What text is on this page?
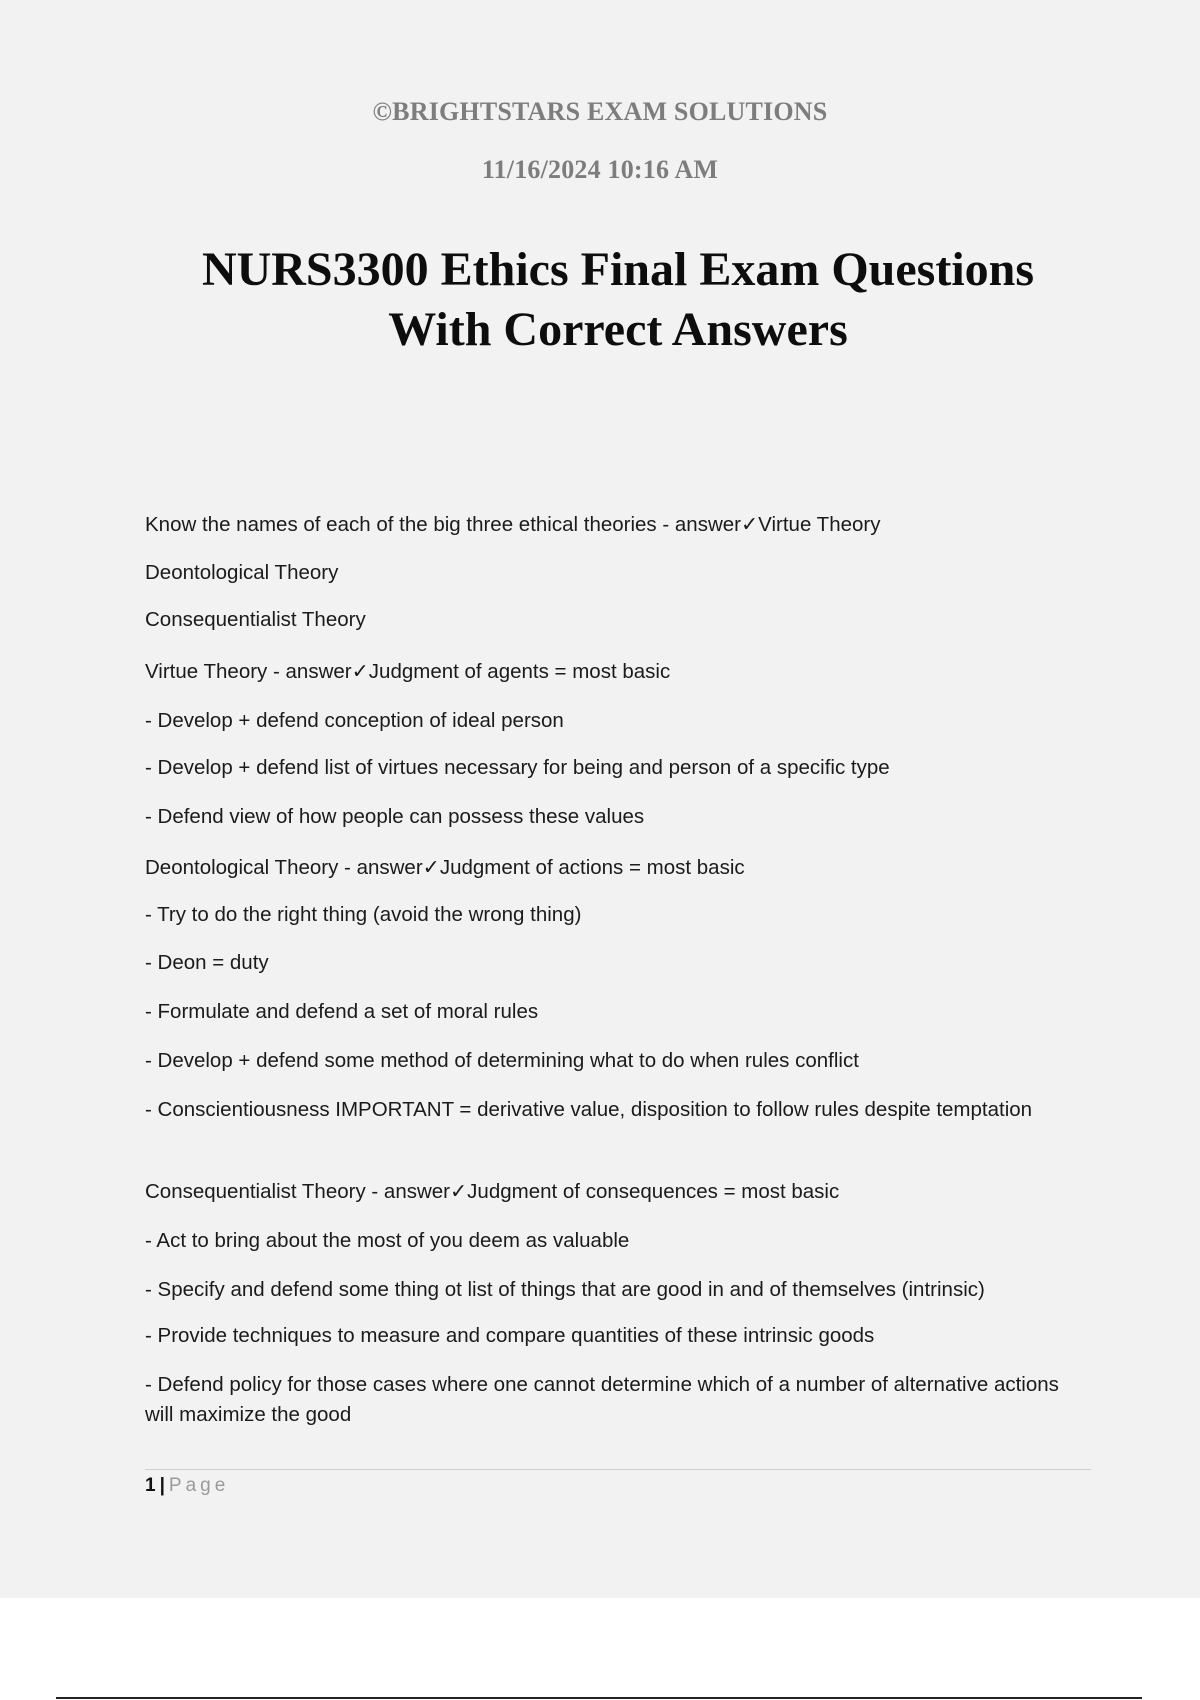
©BRIGHTSTARS EXAM SOLUTIONS
11/16/2024 10:16 AM
NURS3300 Ethics Final Exam Questions
With Correct Answers
Know the names of each of the big three ethical theories - answer✓Virtue Theory
Deontological Theory
Consequentialist Theory
Virtue Theory - answer✓Judgment of agents = most basic
- Develop + defend conception of ideal person
- Develop + defend list of virtues necessary for being and person of a specific type
- Defend view of how people can possess these values
Deontological Theory - answer✓Judgment of actions = most basic
- Try to do the right thing (avoid the wrong thing)
- Deon = duty
- Formulate and defend a set of moral rules
- Develop + defend some method of determining what to do when rules conflict
- Conscientiousness IMPORTANT = derivative value, disposition to follow rules despite temptation
Consequentialist Theory - answer✓Judgment of consequences = most basic
- Act to bring about the most of you deem as valuable
- Specify and defend some thing ot list of things that are good in and of themselves (intrinsic)
- Provide techniques to measure and compare quantities of these intrinsic goods
- Defend policy for those cases where one cannot determine which of a number of alternative actions will maximize the good
1 | Page
